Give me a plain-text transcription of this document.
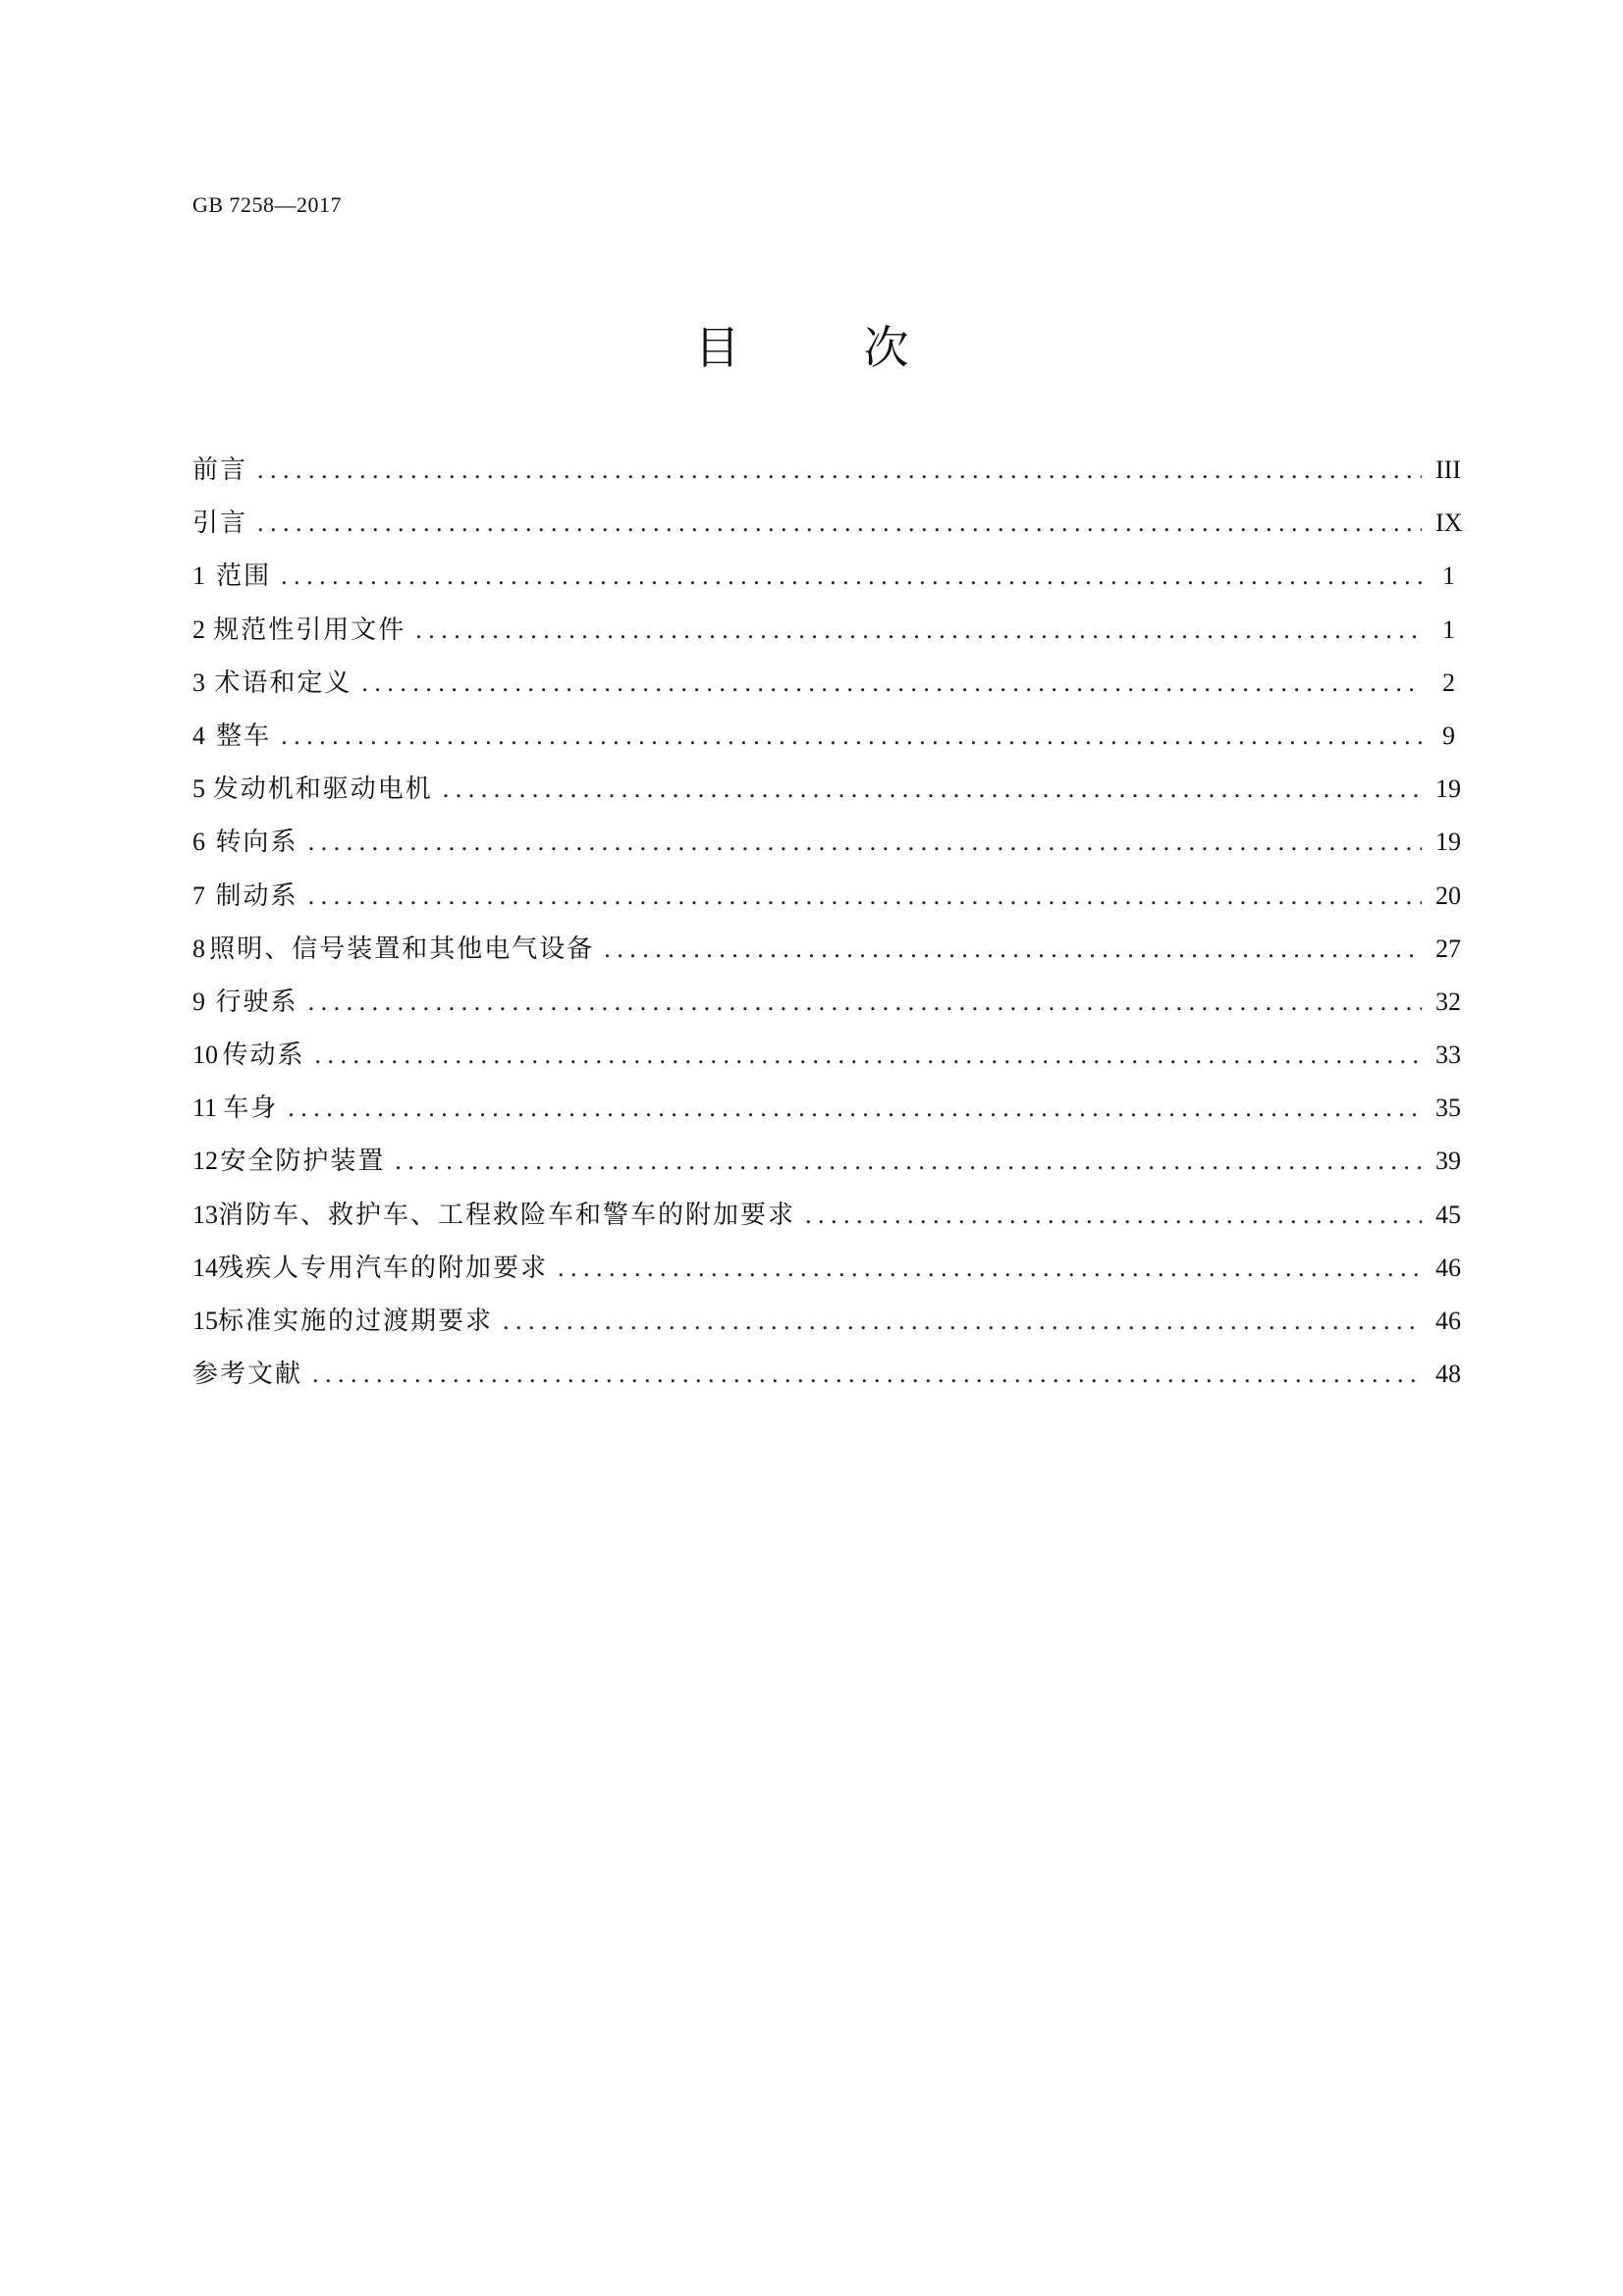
GB 7258—2017
目　次
前言 . . .	III
引言 . . .	IX
1 范围 . . .	1
2 规范性引用文件 . . .	1
3 术语和定义 . . .	2
4 整车 . . .	9
5 发动机和驱动电机 . . .	19
6 转向系 . . .	19
7 制动系 . . .	20
8 照明、信号装置和其他电气设备 . . .	27
9 行驶系 . . .	32
10 传动系 . . .	33
11 车身 . . .	35
12 安全防护装置 . . .	39
13 消防车、救护车、工程救险车和警车的附加要求 . . .	45
14 残疾人专用汽车的附加要求 . . .	46
15 标准实施的过渡期要求 . . .	46
参考文献 . . .	48
